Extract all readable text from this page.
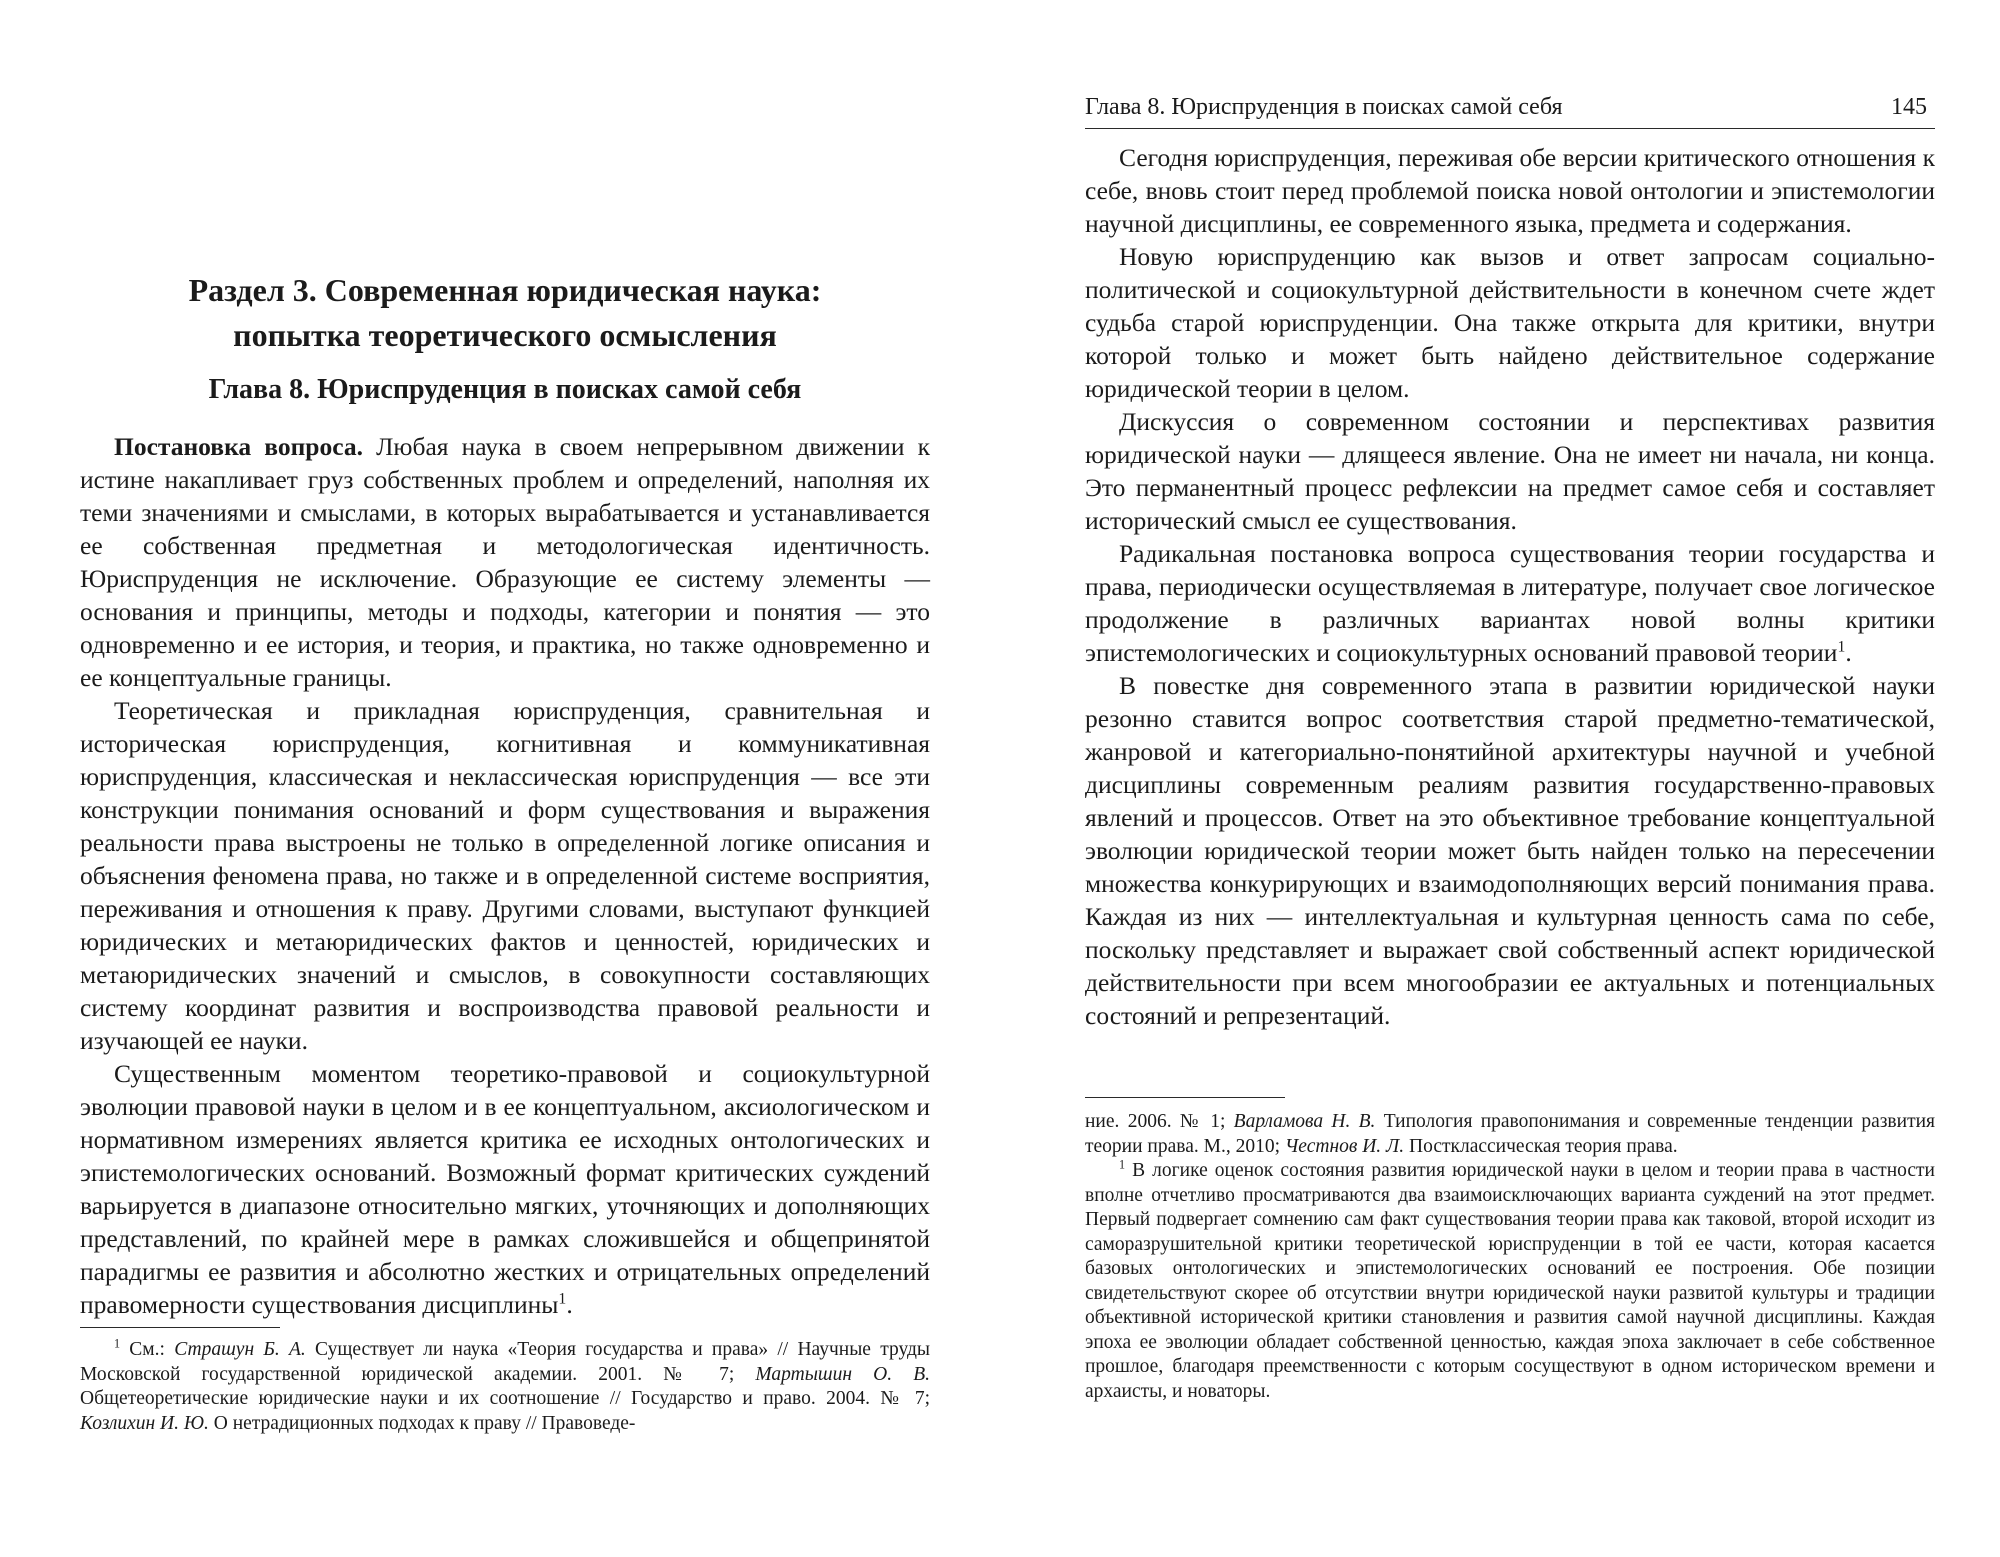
Раздел 3. Современная юридическая наука:
попытка теоретического осмысления
Глава 8. Юриспруденция в поисках самой себя

Постановка вопроса. Любая наука в своем непрерывном движении к истине накапливает груз собственных проблем и определений, наполняя их теми значениями и смыслами, в которых вырабатывается и устанавливается ее собственная предметная и методологическая идентичность. Юриспруденция не исключение. Образующие ее систему элементы — основания и принципы, методы и подходы, категории и понятия — это одновременно и ее история, и теория, и практика, но также одновременно и ее концептуальные границы.

Теоретическая и прикладная юриспруденция, сравнительная и историческая юриспруденция, когнитивная и коммуникативная юриспруденция, классическая и неклассическая юриспруденция — все эти конструкции понимания оснований и форм существования и выражения реальности права выстроены не только в определенной логике описания и объяснения феномена права, но также и в определенной системе восприятия, переживания и отношения к праву. Другими словами, выступают функцией юридических и метаюридических фактов и ценностей, юридических и метаюридических значений и смыслов, в совокупности составляющих систему координат развития и воспроизводства правовой реальности и изучающей ее науки.

Существенным моментом теоретико-правовой и социокультурной эволюции правовой науки в целом и в ее концептуальном, аксиологическом и нормативном измерениях является критика ее исходных онтологических и эпистемологических оснований. Возможный формат критических суждений варьируется в диапазоне относительно мягких, уточняющих и дополняющих представлений, по крайней мере в рамках сложившейся и общепринятой парадигмы ее развития и абсолютно жестких и отрицательных определений правомерности существования дисциплины$^1$.

$^1$ См.: Страшун Б. А. Существует ли наука «Теория государства и права» // Научные труды Московской государственной юридической академии. 2001. № 7; Мартышин О. В. Общетеоретические юридические науки и их соотношение // Государство и право. 2004. № 7; Козлихин И. Ю. О нетрадиционных подходах к праву // Правоведе-

Глава 8. Юриспруденция в поисках самой себя	145

Сегодня юриспруденция, переживая обе версии критического отношения к себе, вновь стоит перед проблемой поиска новой онтологии и эпистемологии научной дисциплины, ее современного языка, предмета и содержания.

Новую юриспруденцию как вызов и ответ запросам социально-политической и социокультурной действительности в конечном счете ждет судьба старой юриспруденции. Она также открыта для критики, внутри которой только и может быть найдено действительное содержание юридической теории в целом.

Дискуссия о современном состоянии и перспективах развития юридической науки — длящееся явление. Она не имеет ни начала, ни конца. Это перманентный процесс рефлексии на предмет самое себя и составляет исторический смысл ее существования.

Радикальная постановка вопроса существования теории государства и права, периодически осуществляемая в литературе, получает свое логическое продолжение в различных вариантах новой волны критики эпистемологических и социокультурных оснований правовой теории$^1$.

В повестке дня современного этапа в развитии юридической науки резонно ставится вопрос соответствия старой предметно-тематической, жанровой и категориально-понятийной архитектуры научной и учебной дисциплины современным реалиям развития государственно-правовых явлений и процессов. Ответ на это объективное требование концептуальной эволюции юридической теории может быть найден только на пересечении множества конкурирующих и взаимодополняющих версий понимания права. Каждая из них — интеллектуальная и культурная ценность сама по себе, поскольку представляет и выражает свой собственный аспект юридической действительности при всем многообразии ее актуальных и потенциальных состояний и репрезентаций.

ние. 2006. № 1; Варламова Н. В. Типология правопонимания и современные тенденции развития теории права. М., 2010; Честнов И. Л. Постклассическая теория права.

$^1$ В логике оценок состояния развития юридической науки в целом и теории права в частности вполне отчетливо просматриваются два взаимоисключающих варианта суждений на этот предмет. Первый подвергает сомнению сам факт существования теории права как таковой, второй исходит из саморазрушительной критики теоретической юриспруденции в той ее части, которая касается базовых онтологических и эпистемологических оснований ее построения. Обе позиции свидетельствуют скорее об отсутствии внутри юридической науки развитой культуры и традиции объективной исторической критики становления и развития самой научной дисциплины. Каждая эпоха ее эволюции обладает собственной ценностью, каждая эпоха заключает в себе собственное прошлое, благодаря преемственности с которым сосуществуют в одном историческом времени и архаисты, и новаторы.
